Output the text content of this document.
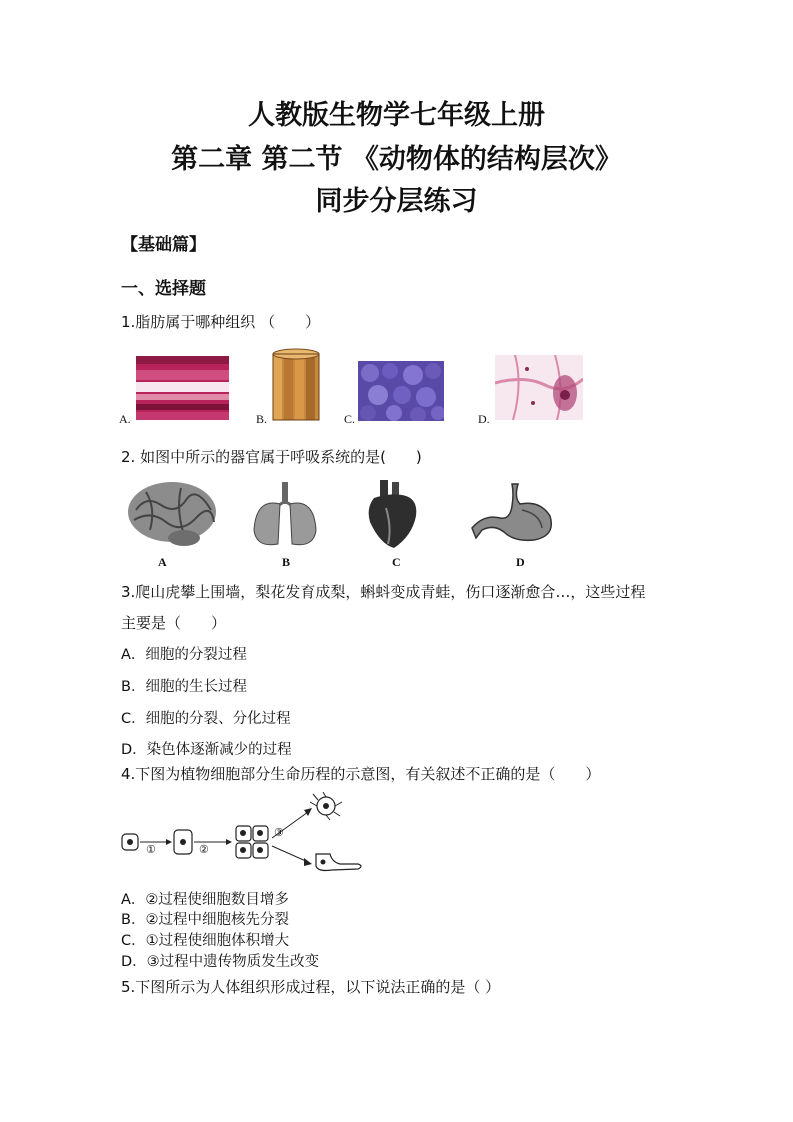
人教版生物学七年级上册
第二章 第二节 《动物体的结构层次》
同步分层练习
【基础篇】
一、选择题
1.脂肪属于哪种组织 （　　）
A.	B.	C.	D.
2. 如图中所示的器官属于呼吸系统的是(　　)
A	B	C	D
3.爬山虎攀上围墙，梨花发育成梨，蝌蚪变成青蛙，伤口逐渐愈合…，这些过程
主要是（　　）
A．细胞的分裂过程
B．细胞的生长过程
C．细胞的分裂、分化过程
D．染色体逐渐减少的过程
4.下图为植物细胞部分生命历程的示意图，有关叙述不正确的是（　　）
①	②
③
A．②过程使细胞数目增多
B．②过程中细胞核先分裂
C．①过程使细胞体积增大
D．③过程中遗传物质发生改变
5.下图所示为人体组织形成过程，以下说法正确的是（ ）
